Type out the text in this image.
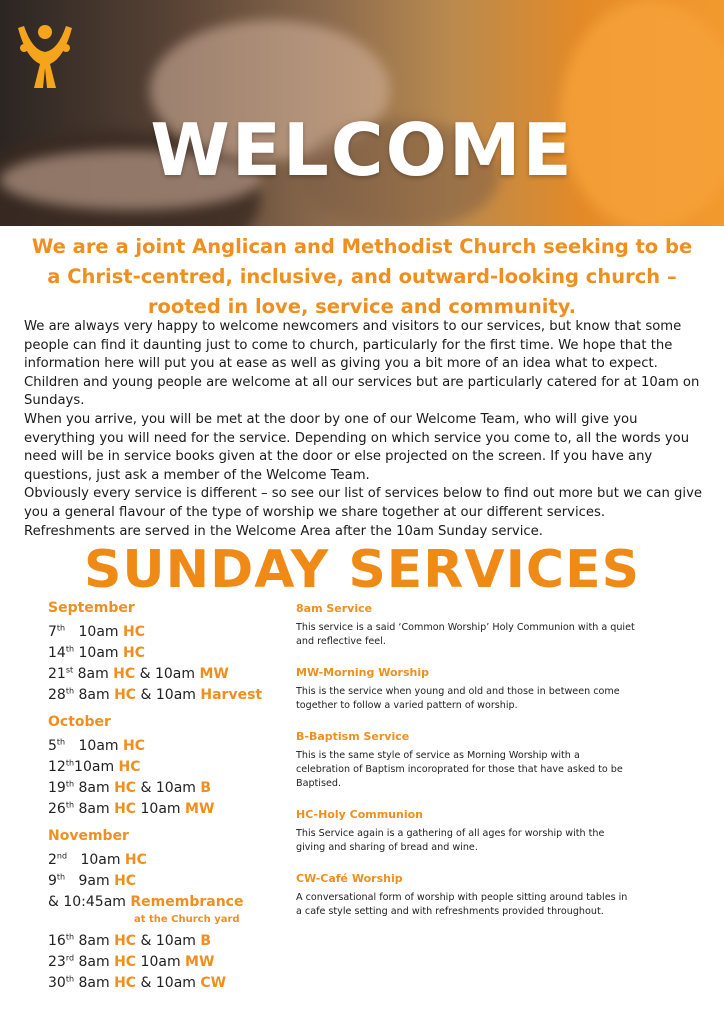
WELCOME
We are a joint Anglican and Methodist Church seeking to be
a Christ-centred, inclusive, and outward-looking church –
rooted in love, service and community.

We are always very happy to welcome newcomers and visitors to our services, but know that some people can find it daunting just to come to church, particularly for the first time. We hope that the information here will put you at ease as well as giving you a bit more of an idea what to expect.

Children and young people are welcome at all our services but are particularly catered for at 10am on Sundays.

When you arrive, you will be met at the door by one of our Welcome Team, who will give you everything you will need for the service. Depending on which service you come to, all the words you need will be in service books given at the door or else projected on the screen. If you have any questions, just ask a member of the Welcome Team.

Obviously every service is different – so see our list of services below to find out more but we can give you a general flavour of the type of worship we share together at our different services.

Refreshments are served in the Welcome Area after the 10am Sunday service.

SUNDAY SERVICES
September
7th 10am HC
14th 10am HC
21st 8am HC & 10am MW
28th 8am HC & 10am Harvest
October
5th 10am HC
12th10am HC
19th 8am HC & 10am B
26th 8am HC 10am MW
November
2nd 10am HC
9th 9am HC
& 10:45am Remembrance
at the Church yard
16th 8am HC & 10am B
23rd 8am HC 10am MW
30th 8am HC & 10am CW
8am Service
This service is a said ‘Common Worship’ Holy Communion with a quiet and reflective feel.
MW-Morning Worship
This is the service when young and old and those in between come together to follow a varied pattern of worship.
B-Baptism Service
This is the same style of service as Morning Worship with a celebration of Baptism incoroprated for those that have asked to be Baptised.
HC-Holy Communion
This Service again is a gathering of all ages for worship with the giving and sharing of bread and wine.
CW-Café Worship
A conversational form of worship with people sitting around tables in a cafe style setting and with refreshments provided throughout.
